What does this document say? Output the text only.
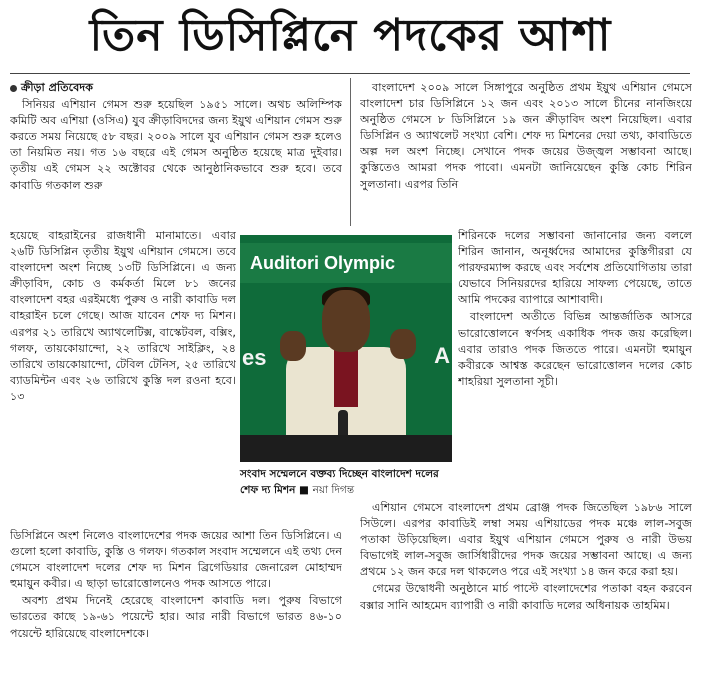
তিন ডিসিপ্লিনে পদকের আশা

ক্রীড়া প্রতিবেদক

সিনিয়র এশিয়ান গেমস শুরু হয়েছিল ১৯৫১ সালে। অথচ অলিম্পিক কমিটি অব এশিয়া (ওসিএ) যুব ক্রীড়াবিদদের জন্য ইয়ুথ এশিয়ান গেমস শুরু করতে সময় নিয়েছে ৫৮ বছর। ২০০৯ সালে যুব এশিয়ান গেমস শুরু হলেও তা নিয়মিত নয়। গত ১৬ বছরে এই গেমস অনুষ্ঠিত হয়েছে মাত্র দুইবার। তৃতীয় এই গেমস ২২ অক্টোবর থেকে আনুষ্ঠানিকভাবে শুরু হবে। তবে কাবাডি গতকাল শুরু

হয়েছে বাহরাইনের রাজধানী মানামাতে। এবার ২৬টি ডিসিপ্লিন তৃতীয় ইয়ুথ এশিয়ান গেমসে। তবে বাংলাদেশ অংশ নিচ্ছে ১৩টি ডিসিপ্লিনে। এ জন্য ক্রীড়াবিদ, কোচ ও কর্মকর্তা মিলে ৮১ জনের বাংলাদেশ বহর এরইমধ্যে পুরুষ ও নারী কাবাডি দল বাহরাইন চলে গেছে। আজ যাবেন শেফ দ্য মিশন। এরপর ২১ তারিখে অ্যাথলেটিক্স, বাস্কেটবল, বক্সিং, গলফ, তায়কোয়ান্দো, ২২ তারিখে সাইক্লিং, ২৪ তারিখে তায়কোয়ান্দো, টেবিল টেনিস, ২৫ তারিখে ব্যাডমিন্টন এবং ২৬ তারিখে কুস্তি দল রওনা হবে। ১৩

ডিসিপ্লিনে অংশ নিলেও বাংলাদেশের পদক জয়ের আশা তিন ডিসিপ্লিনে। এ গুলো হলো কাবাডি, কুস্তি ও গলফ। গতকাল সংবাদ সম্মেলনে এই তথ্য দেন গেমসে বাংলাদেশ দলের শেফ দ্য মিশন ব্রিগেডিয়ার জেনারেল মোহাম্মদ হুমায়ুন কবীর। এ ছাড়া ভারোত্তোলনেও পদক আসতে পারে।

অবশ্য প্রথম দিনেই হেরেছে বাংলাদেশ কাবাডি দল। পুরুষ বিভাগে ভারতের কাছে ১৯-৬১ পয়েন্টে হার। আর নারী বিভাগে ভারত ৪৬-১০ পয়েন্টে হারিয়েছে বাংলাদেশকে।

বাংলাদেশ ২০০৯ সালে সিঙ্গাপুরে অনুষ্ঠিত প্রথম ইয়ুথ এশিয়ান গেমসে বাংলাদেশ চার ডিসিপ্লিনে ১২ জন এবং ২০১৩ সালে চীনের নানজিংয়ে অনুষ্ঠিত গেমসে ৮ ডিসিপ্লিনে ১৯ জন ক্রীড়াবিদ অংশ নিয়েছিল। এবার ডিসিপ্লিন ও অ্যাথলেট সংখ্যা বেশি। শেফ দ্য মিশনের দেয়া তথ্য, কাবাডিতে অল্প দল অংশ নিচ্ছে। সেখানে পদক জয়ের উজ্জ্বল সম্ভাবনা আছে। কুস্তিতেও আমরা পদক পাবো। এমনটা জানিয়েছেন কুস্তি কোচ শিরিন সুলতানা। এরপর তিনি

শিরিনকে দলের সম্ভাবনা জানানোর জন্য বললে শিরিন জানান, অনূর্ধ্বদের আমাদের কুস্তিগীররা যে পারফরম্যান্স করছে এবং সর্বশেষ প্রতিযোগিতায় তারা যেভাবে সিনিয়রদের হারিয়ে সাফল্য পেয়েছে, তাতে আমি পদকের ব্যাপারে আশাবাদী।

বাংলাদেশ অতীতে বিভিন্ন আন্তর্জাতিক আসরে ভারোত্তোলনে স্বর্ণসহ একাধিক পদক জয় করেছিল। এবার তারাও পদক জিততে পারে। এমনটা হুমায়ুন কবীরকে আশ্বস্ত করেছেন ভারোত্তোলন দলের কোচ শাহরিয়া সুলতানা সূচী।

এশিয়ান গেমসে বাংলাদেশ প্রথম ব্রোঞ্জ পদক জিতেছিল ১৯৮৬ সালে সিউলে। এরপর কাবাডিই লম্বা সময় এশিয়াডের পদক মঞ্চে লাল-সবুজ পতাকা উড়িয়েছিল। এবার ইয়ুথ এশিয়ান গেমসে পুরুষ ও নারী উভয় বিভাগেই লাল-সবুজ জার্সিধারীদের পদক জয়ের সম্ভাবনা আছে। এ জন্য প্রথমে ১২ জন করে দল থাকলেও পরে এই সংখ্যা ১৪ জন করে করা হয়।

গেমের উদ্বোধনী অনুষ্ঠানে মার্চ পাস্টে বাংলাদেশের পতাকা বহন করবেন বক্সার সানি আহমেদ ব্যাপারী ও নারী কাবাডি দলের অধিনায়ক তাহমিম।

Auditori Olympic
es	A
সংবাদ সম্মেলনে বক্তব্য দিচ্ছেন বাংলাদেশ দলের শেফ দ্য মিশন ■ নয়া দিগন্ত
